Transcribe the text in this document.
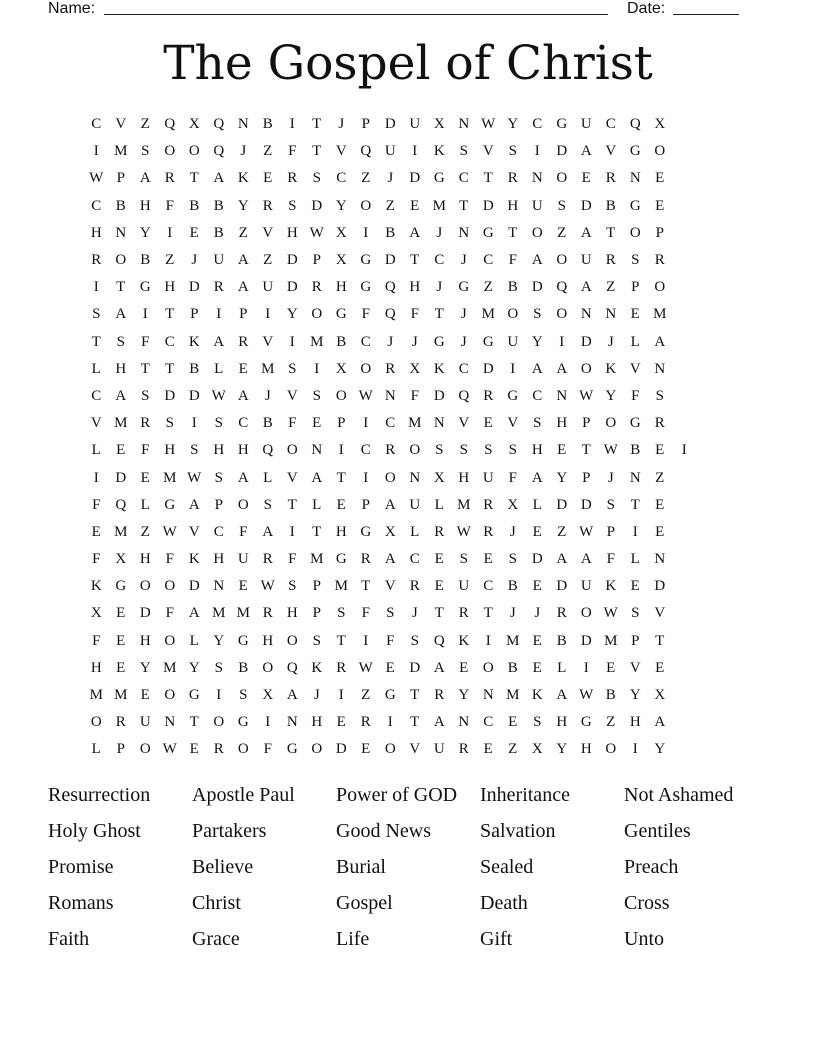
Name:	Date:
The Gospel of Christ
C V Z Q X Q N B	I	T	J	P D U X N W Y C G U C Q X
I	M S O O Q	J	Z	F	T V Q U	I	K S V S	I	D A V G O
W P A R T A K E R	S	C Z	J	D G C T R N O E R N E
C B H F	B B Y R	S D Y O Z	E M T D H U S D B G E
H N Y	I	E B Z V H W X	I	B A	J	N G T O Z A T O P
R O B Z	J	U A Z D P X G D T C	J	C	F A O U R	S	R
I	T G H D R A U D R H G Q H	J	G Z B D Q A Z	P O
S A	I	T	P	I	P	I	Y O G F Q F	T	J M O S O N N E M
T	S	F	C K A R V	I	M B C	J	J	G	J	G U Y	I	D	J	L A
L H T	T B L	E M S	I	X O R X K C D	I	A A O K V N
C A S D D W A	J	V S O W N F D Q R G C N W Y F	S
V M R	S	I	S	C B	F	E	P	I	C M N V E V S H P O G R
L	E	F H S H H Q O N	I	C R O S	S	S	S H E	T W B E	I
I	D E M W S A L V A T	I	O N X H U F A Y P	J	N Z
F Q L G A P O S	T	L	E	P A U L M R X L D D S	T	E
E M Z W V C	F A	I	T H G X L R W R	J	E	Z W P	I	E
F X H F K H U R	F M G R A C E	S	E	S D A A F	L N
K G O O D N E W S	P M T V R E U C B E D U K E D
X E D F A M M R H P	S	F	S	J	T R T	J	J	R O W S V
F	E H O L Y G H O S	T	I	F	S Q K	I	M E B D M P	T
H E Y M Y S	B O Q K R W E D A E O B E	L	I	E V E
M M E O G	I	S X A	J	I	Z G T R Y N M K A W B Y X
O R U N T O G	I	N H E R	I	T A N C E	S H G Z H A
L	P O W E R O F G O D E O V U R E	Z X Y H O	I	Y
Resurrection	Apostle Paul	Power of GOD	Inheritance	Not Ashamed
Holy Ghost	Partakers	Good News	Salvation	Gentiles
Promise	Believe	Burial	Sealed	Preach
Romans	Christ	Gospel	Death	Cross
Faith	Grace	Life	Gift	Unto
